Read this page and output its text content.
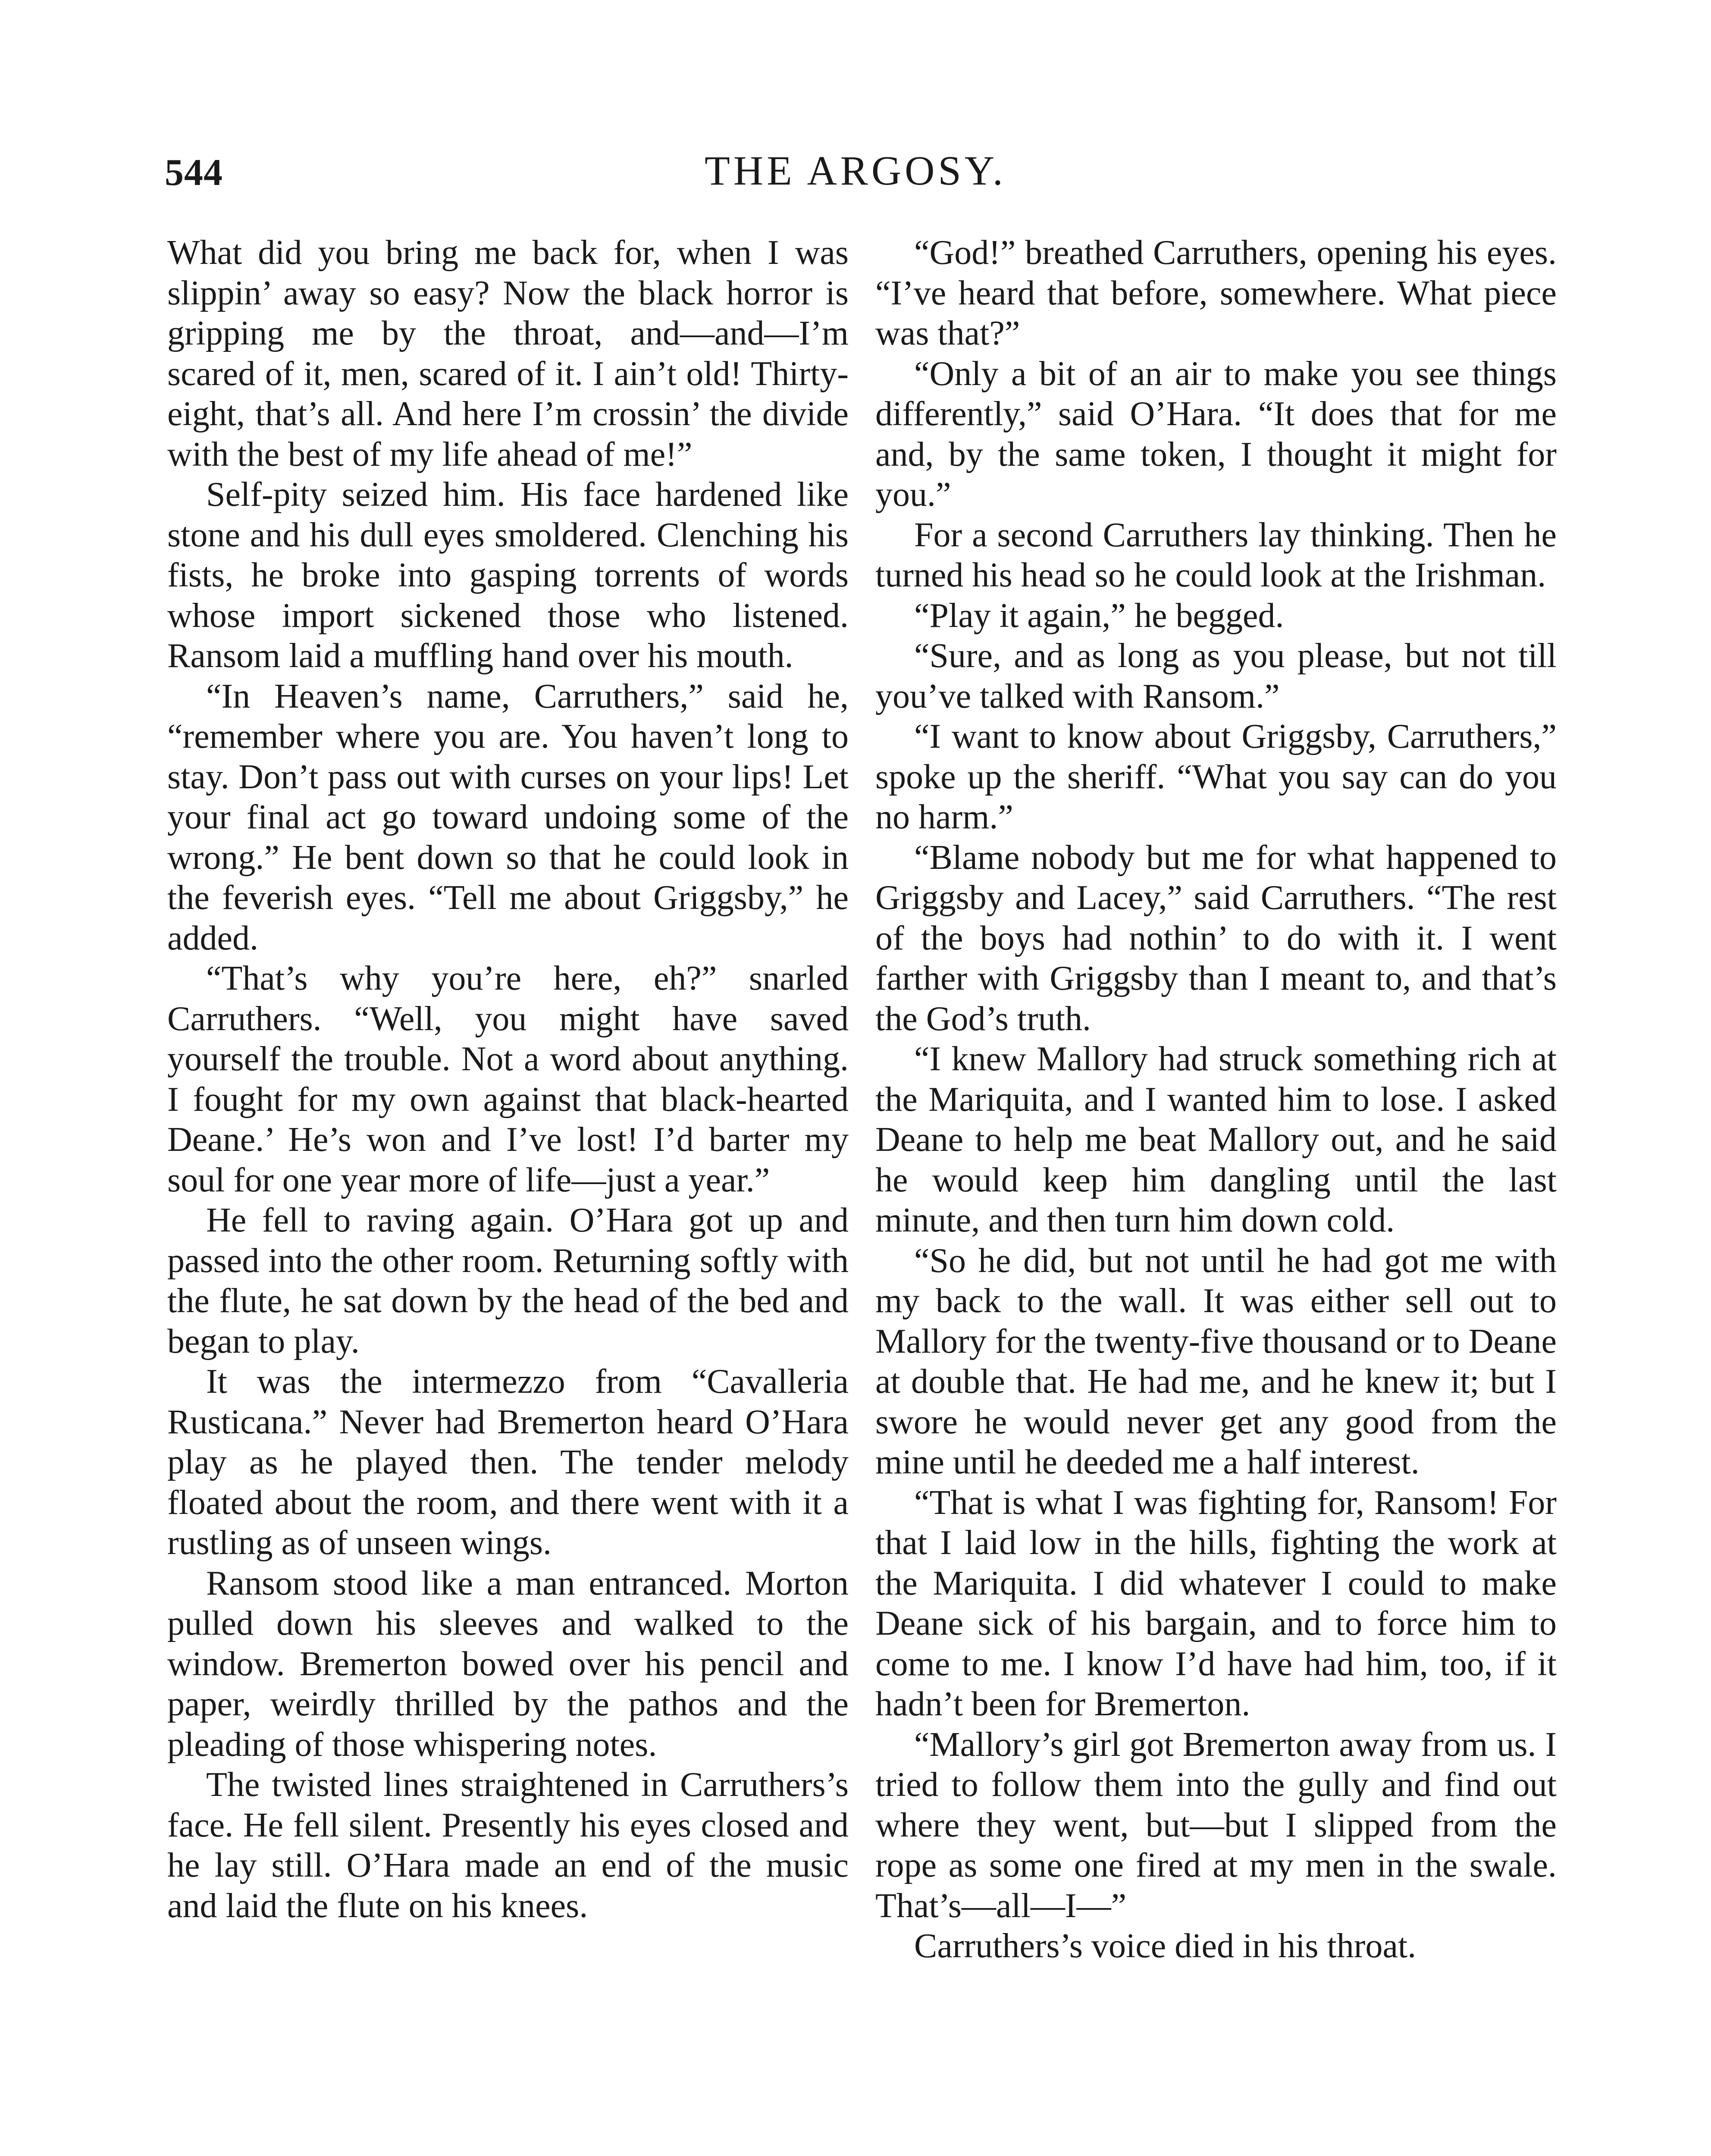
544	THE ARGOSY.

What did you bring me back for, when I was slippin’ away so easy? Now the black horror is gripping me by the throat, and—and—I’m scared of it, men, scared of it. I ain’t old! Thirty-eight, that’s all. And here I’m crossin’ the divide with the best of my life ahead of me!”

Self-pity seized him. His face hardened like stone and his dull eyes smoldered. Clenching his fists, he broke into gasping torrents of words whose import sickened those who listened. Ransom laid a muffling hand over his mouth.

“In Heaven’s name, Carruthers,” said he, “remember where you are. You haven’t long to stay. Don’t pass out with curses on your lips! Let your final act go toward undoing some of the wrong.” He bent down so that he could look in the feverish eyes. “Tell me about Griggsby,” he added.

“That’s why you’re here, eh?” snarled Carruthers. “Well, you might have saved yourself the trouble. Not a word about anything. I fought for my own against that black-hearted Deane.’ He’s won and I’ve lost! I’d barter my soul for one year more of life—just a year.”

He fell to raving again. O’Hara got up and passed into the other room. Returning softly with the flute, he sat down by the head of the bed and began to play.

It was the intermezzo from “Cavalleria Rusticana.” Never had Bremerton heard O’Hara play as he played then. The tender melody floated about the room, and there went with it a rustling as of unseen wings.

Ransom stood like a man entranced. Morton pulled down his sleeves and walked to the window. Bremerton bowed over his pencil and paper, weirdly thrilled by the pathos and the pleading of those whispering notes.

The twisted lines straightened in Carruthers’s face. He fell silent. Presently his eyes closed and he lay still. O’Hara made an end of the music and laid the flute on his knees.

“God!” breathed Carruthers, opening his eyes. “I’ve heard that before, somewhere. What piece was that?”

“Only a bit of an air to make you see things differently,” said O’Hara. “It does that for me and, by the same token, I thought it might for you.”

For a second Carruthers lay thinking. Then he turned his head so he could look at the Irishman.

“Play it again,” he begged.

“Sure, and as long as you please, but not till you’ve talked with Ransom.”

“I want to know about Griggsby, Carruthers,” spoke up the sheriff. “What you say can do you no harm.”

“Blame nobody but me for what happened to Griggsby and Lacey,” said Carruthers. “The rest of the boys had nothin’ to do with it. I went farther with Griggsby than I meant to, and that’s the God’s truth.

“I knew Mallory had struck something rich at the Mariquita, and I wanted him to lose. I asked Deane to help me beat Mallory out, and he said he would keep him dangling until the last minute, and then turn him down cold.

“So he did, but not until he had got me with my back to the wall. It was either sell out to Mallory for the twenty-five thousand or to Deane at double that. He had me, and he knew it; but I swore he would never get any good from the mine until he deeded me a half interest.

“That is what I was fighting for, Ransom! For that I laid low in the hills, fighting the work at the Mariquita. I did whatever I could to make Deane sick of his bargain, and to force him to come to me. I know I’d have had him, too, if it hadn’t been for Bremerton.

“Mallory’s girl got Bremerton away from us. I tried to follow them into the gully and find out where they went, but—but I slipped from the rope as some one fired at my men in the swale. That’s—all—I—”

Carruthers’s voice died in his throat.
